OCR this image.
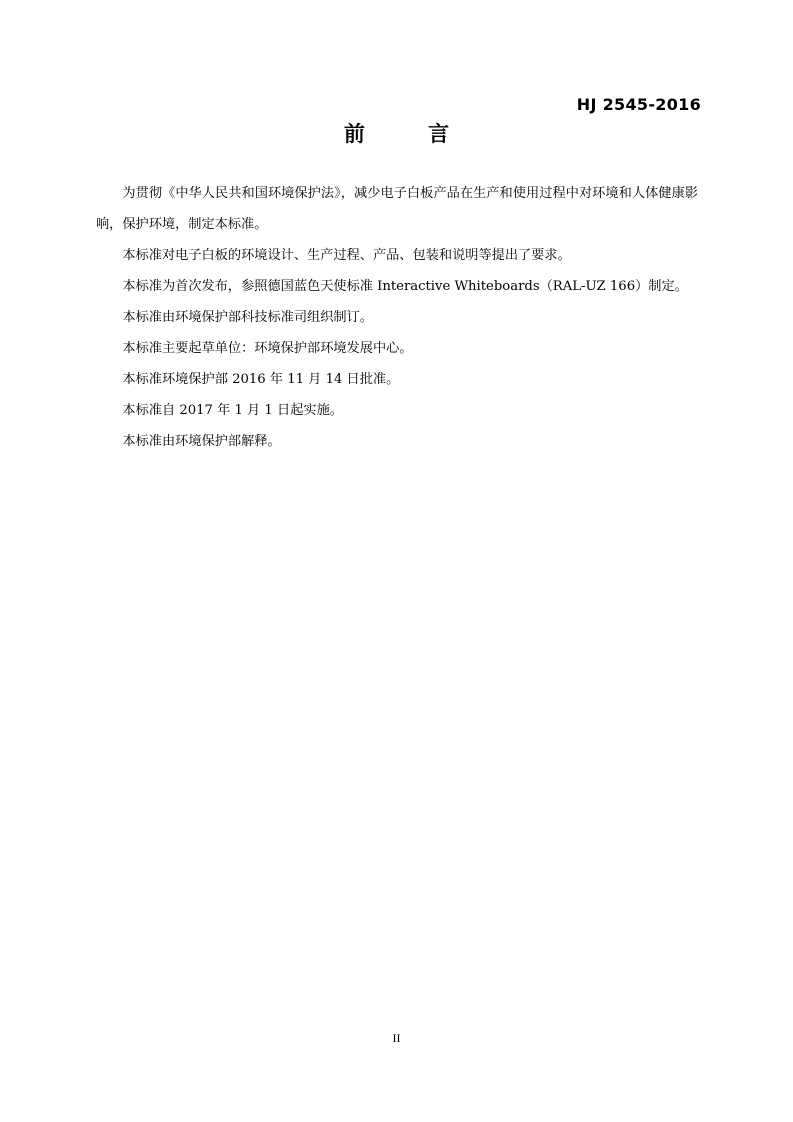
HJ 2545-2016
前 言

为贯彻《中华人民共和国环境保护法》，减少电子白板产品在生产和使用过程中对环境和人体健康影响，保护环境，制定本标准。

本标准对电子白板的环境设计、生产过程、产品、包装和说明等提出了要求。

本标准为首次发布，参照德国蓝色天使标准 Interactive Whiteboards（RAL-UZ 166）制定。

本标准由环境保护部科技标准司组织制订。

本标准主要起草单位：环境保护部环境发展中心。

本标准环境保护部 2016 年 11 月 14 日批准。

本标准自 2017 年 1 月 1 日起实施。

本标准由环境保护部解释。

II
